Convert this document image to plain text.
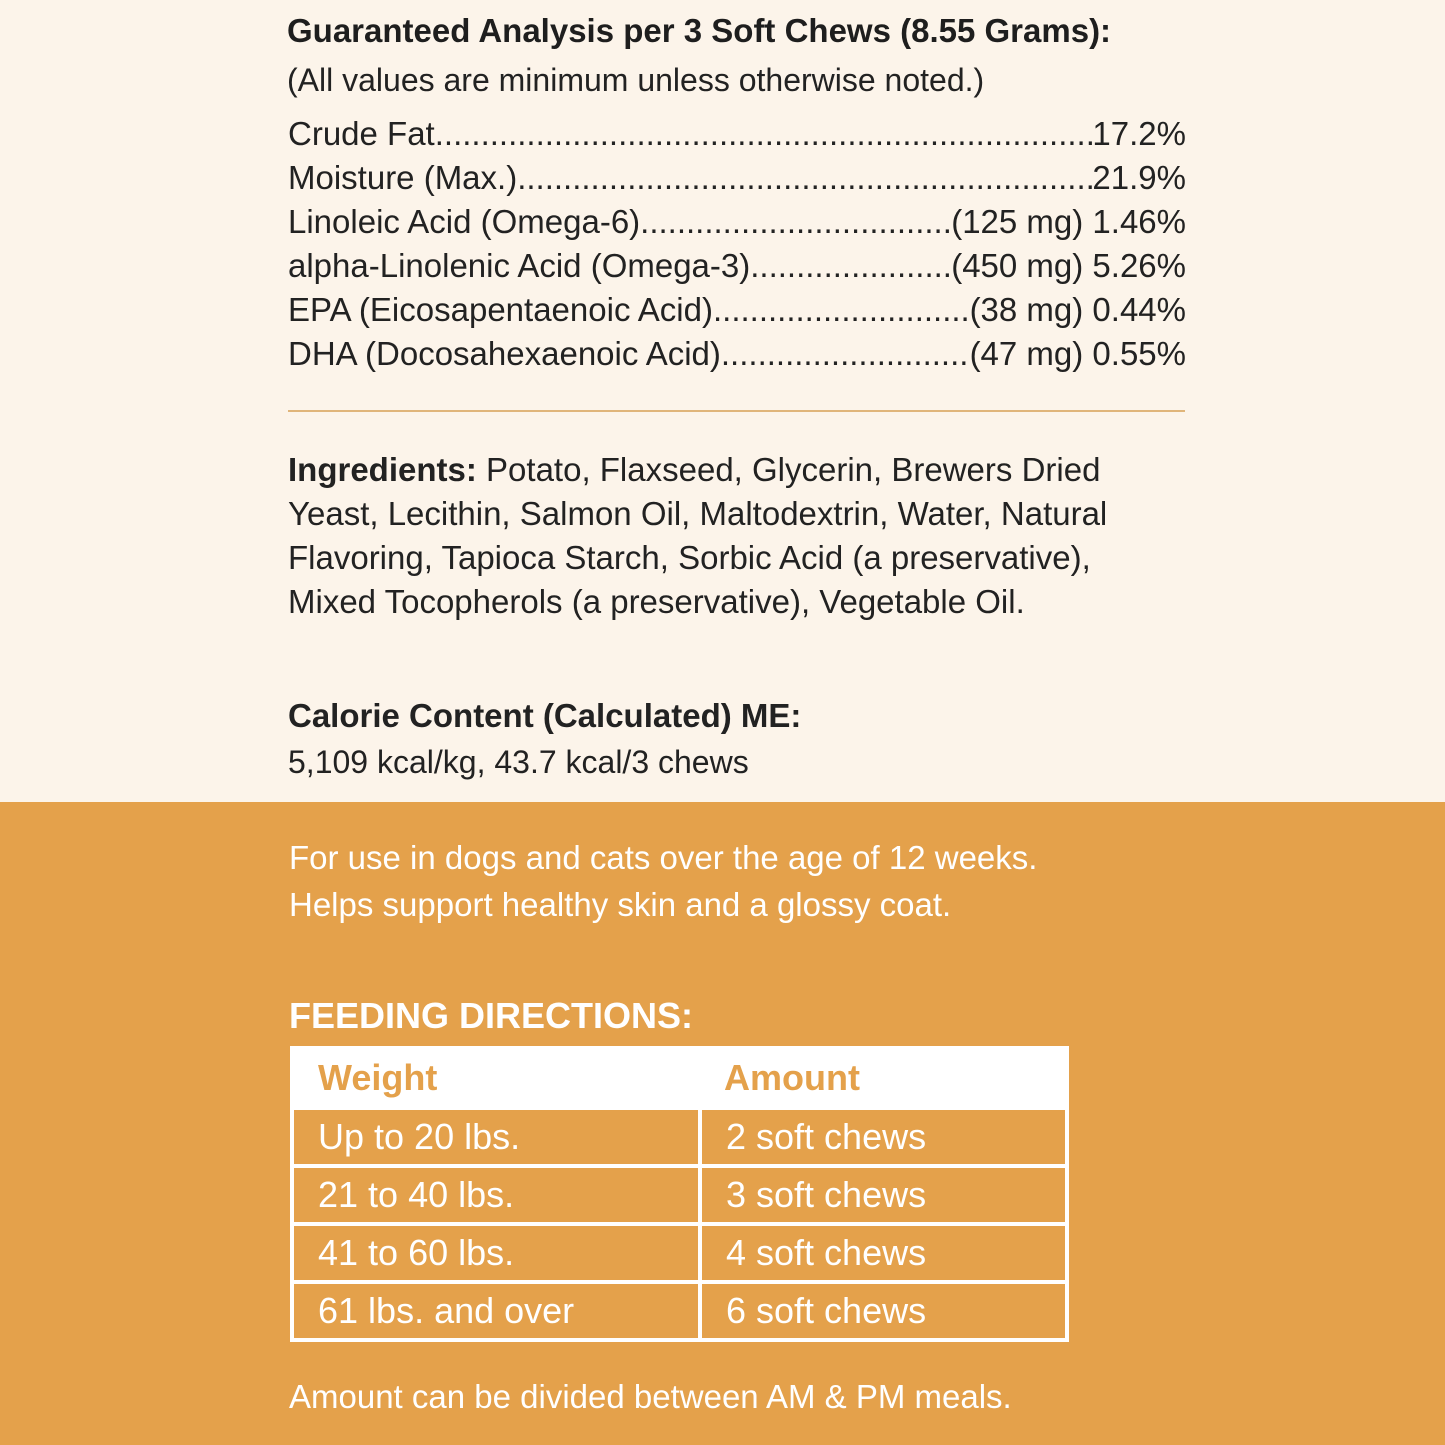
Guaranteed Analysis per 3 Soft Chews (8.55 Grams):
(All values are minimum unless otherwise noted.)
Crude Fat .....	17.2%
Moisture (Max.) .....	21.9%
Linoleic Acid (Omega-6) .....	(125 mg) 1.46%
alpha-Linolenic Acid (Omega-3) .....	(450 mg) 5.26%
EPA (Eicosapentaenoic Acid) .....	(38 mg) 0.44%
DHA (Docosahexaenoic Acid) .....	(47 mg) 0.55%

Ingredients: Potato, Flaxseed, Glycerin, Brewers Dried Yeast, Lecithin, Salmon Oil, Maltodextrin, Water, Natural Flavoring, Tapioca Starch, Sorbic Acid (a preservative), Mixed Tocopherols (a preservative), Vegetable Oil.

Calorie Content (Calculated) ME:
5,109 kcal/kg, 43.7 kcal/3 chews

For use in dogs and cats over the age of 12 weeks.
Helps support healthy skin and a glossy coat.

FEEDING DIRECTIONS:
Weight	Amount
Up to 20 lbs.	2 soft chews
21 to 40 lbs.	3 soft chews
41 to 60 lbs.	4 soft chews
61 lbs. and over	6 soft chews
Amount can be divided between AM & PM meals.
